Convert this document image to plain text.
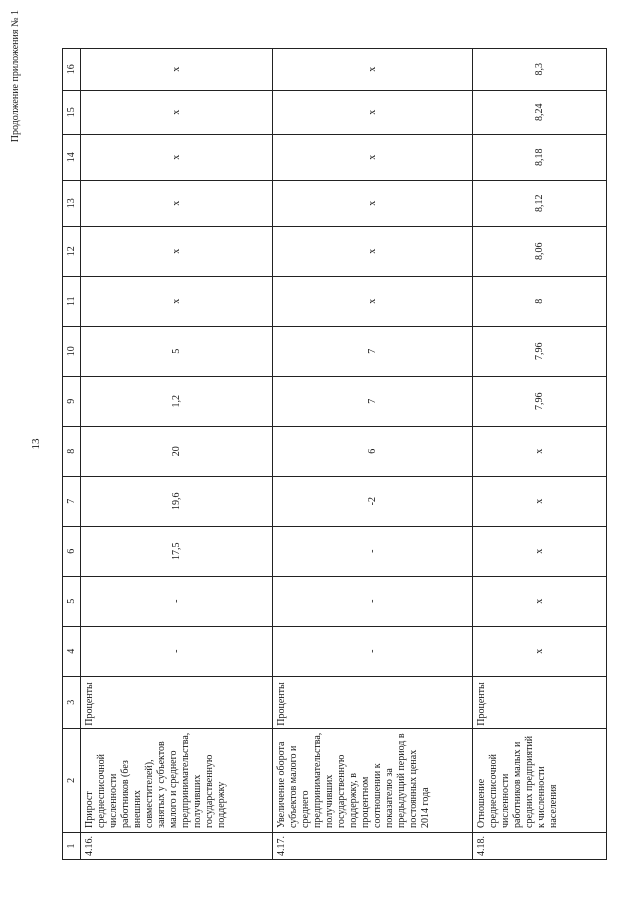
13
Продолжение приложения № 1
1	2	3	4	5	6	7	8	9	10	11	12	13	14	15	16
4.16.	Прирост среднесписочной численности работников (без внешних совместителей), занятых у субъектов малого и среднего предпринимательства, получивших государственную поддержку	Проценты	-	-	17,5	19,6	20	1,2	5	x	x	x	x	x	x
4.17.	Увеличение оборота субъектов малого и среднего предпринимательства, получивших государственную поддержку, в процентном соотношении к показателю за предыдущий период в постоянных ценах 2014 года	Проценты	-	-	-	-2	6	7	7	x	x	x	x	x	x
4.18.	Отношение среднесписочной численности работников малых и средних предприятий к численности населения	Проценты	x	x	x	x	x	7,96	7,96	8	8,06	8,12	8,18	8,24	8,3
